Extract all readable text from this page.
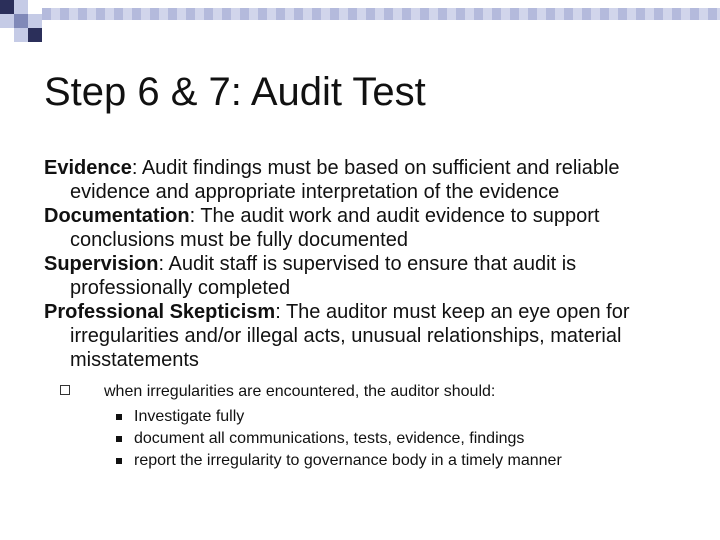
Step 6 & 7: Audit Test

Evidence: Audit findings must be based on sufficient and reliable evidence and appropriate interpretation of the evidence

Documentation: The audit work and audit evidence to support conclusions must be fully documented

Supervision: Audit staff is supervised to ensure that audit is professionally completed

Professional Skepticism: The auditor must keep an eye open for irregularities and/or illegal acts, unusual relationships, material misstatements

when irregularities are encountered, the auditor should:
Investigate fully
document all communications, tests, evidence, findings
report the irregularity to governance body in a timely manner
